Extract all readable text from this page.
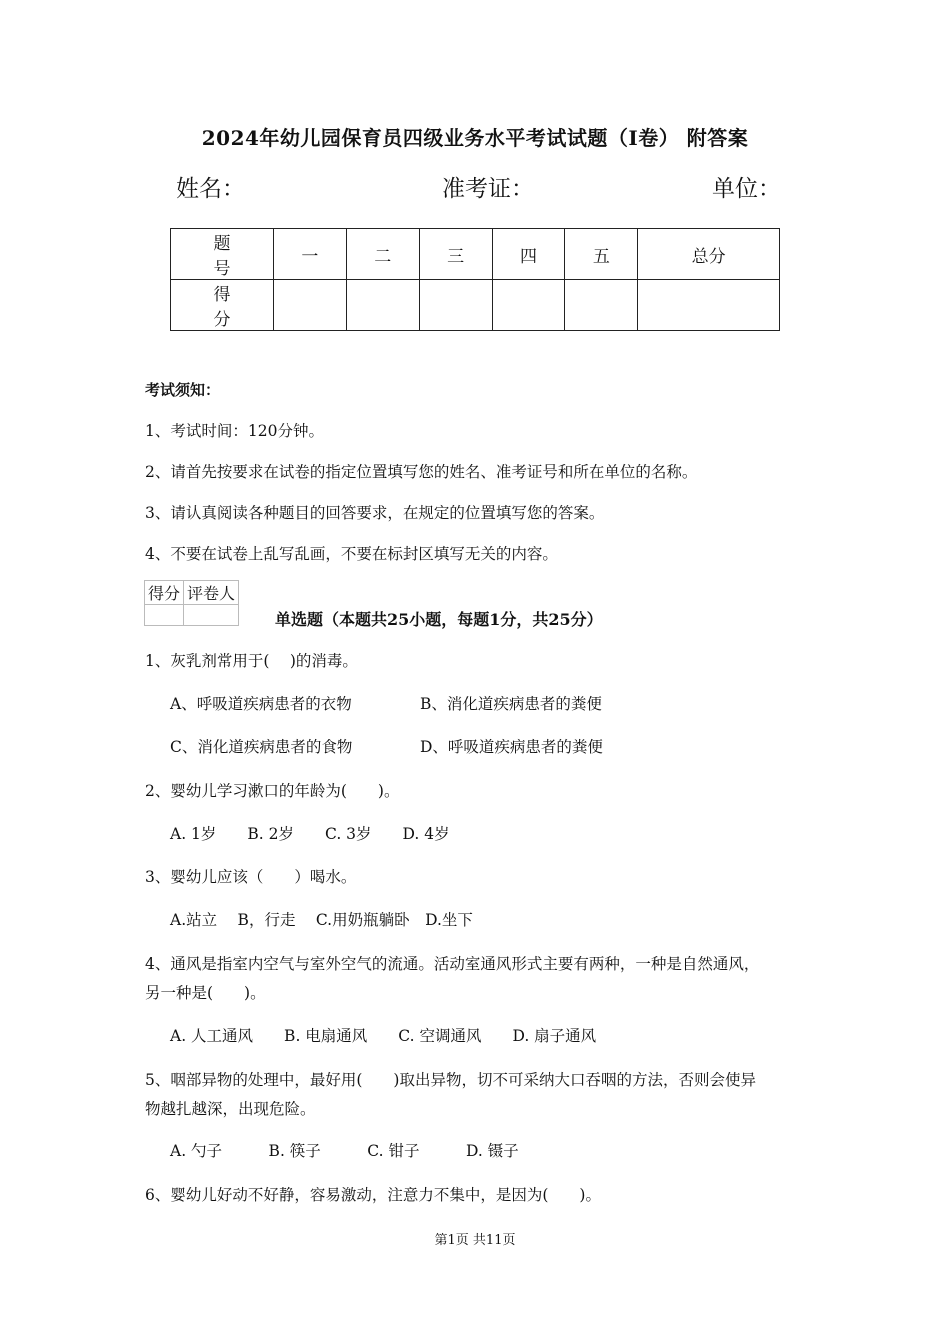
2024年幼儿园保育员四级业务水平考试试题（I卷） 附答案
姓名：	准考证：	单位：
题　号	一	二	三	四	五	总分
得　分						
考试须知：
1、考试时间：120分钟。
2、请首先按要求在试卷的指定位置填写您的姓名、准考证号和所在单位的名称。
3、请认真阅读各种题目的回答要求，在规定的位置填写您的答案。
4、不要在试卷上乱写乱画，不要在标封区填写无关的内容。
得分	评卷人

单选题（本题共25小题，每题1分，共25分）
1、灰乳剂常用于(　 )的消毒。
A、呼吸道疾病患者的衣物	B、消化道疾病患者的粪便
C、消化道疾病患者的食物	D、呼吸道疾病患者的粪便
2、婴幼儿学习漱口的年龄为(　　)。
A. 1岁　　B. 2岁　　C. 3岁　　D. 4岁
3、婴幼儿应该（　　）喝水。
A.站立　 B，行走　 C.用奶瓶躺卧　D.坐下
4、通风是指室内空气与室外空气的流通。活动室通风形式主要有两种，一种是自然通风，
另一种是(　　)。
A. 人工通风　　B. 电扇通风　　C. 空调通风　　D. 扇子通风
5、咽部异物的处理中，最好用(　　)取出异物，切不可采纳大口吞咽的方法，否则会使异
物越扎越深，出现危险。
A. 勺子　　　B. 筷子　　　C. 钳子　　　D. 镊子
6、婴幼儿好动不好静，容易激动，注意力不集中，是因为(　　)。
第1页 共11页
